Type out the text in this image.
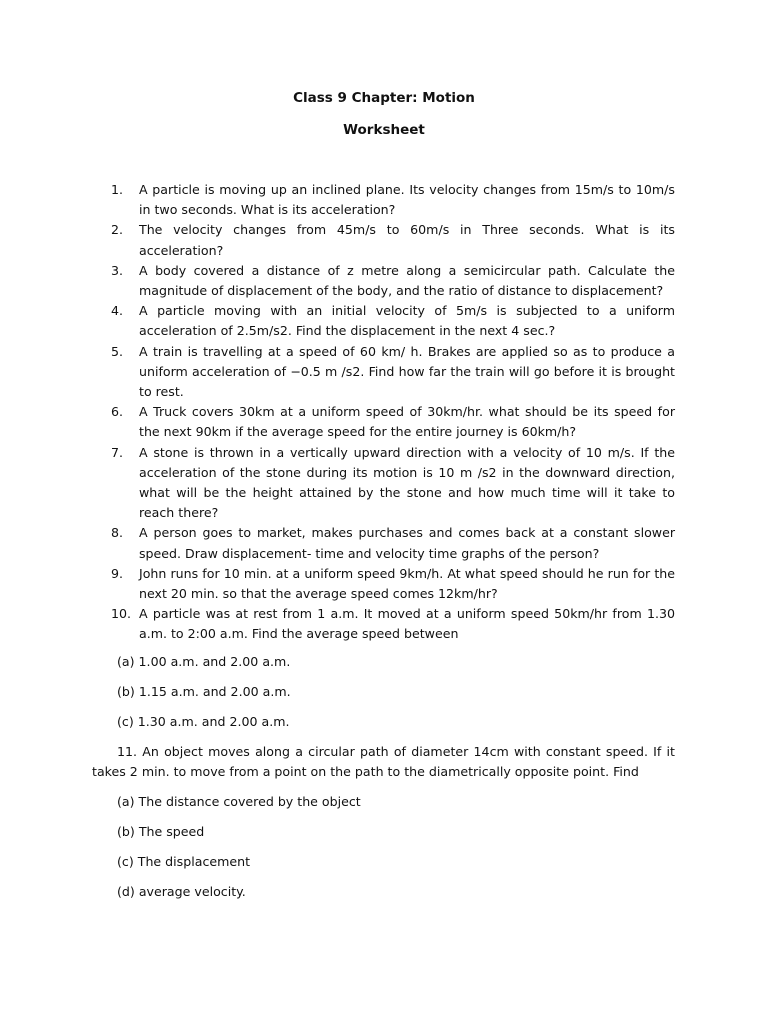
Class 9 Chapter: Motion
Worksheet
1.	A particle is moving up an inclined plane. Its velocity changes from 15m/s to 10m/s in two seconds. What is its acceleration?
2.	The velocity changes from 45m/s to 60m/s in Three seconds. What is its acceleration?
3.	A body covered a distance of z metre along a semicircular path. Calculate the magnitude of displacement of the body, and the ratio of distance to displacement?
4.	A particle moving with an initial velocity of 5m/s is subjected to a uniform acceleration of 2.5m/s2. Find the displacement in the next 4 sec.?
5.	A train is travelling at a speed of 60 km/ h. Brakes are applied so as to produce a uniform acceleration of −0.5 m /s2. Find how far the train will go before it is brought to rest.
6.	A Truck covers 30km at a uniform speed of 30km/hr. what should be its speed for the next 90km if the average speed for the entire journey is 60km/h?
7.	A stone is thrown in a vertically upward direction with a velocity of 10 m/s. If the acceleration of the stone during its motion is 10 m /s2 in the downward direction, what will be the height attained by the stone and how much time will it take to reach there?
8.	A person goes to market, makes purchases and comes back at a constant slower speed. Draw displacement- time and velocity time graphs of the person?
9.	John runs for 10 min. at a uniform speed 9km/h. At what speed should he run for the next 20 min. so that the average speed comes 12km/hr?
10. A particle was at rest from 1 a.m. It moved at a uniform speed 50km/hr from 1.30 a.m. to 2:00 a.m. Find the average speed between
(a) 1.00 a.m. and 2.00 a.m.
(b) 1.15 a.m. and 2.00 a.m.
(c) 1.30 a.m. and 2.00 a.m.

11. An object moves along a circular path of diameter 14cm with constant speed. If it takes 2 min. to move from a point on the path to the diametrically opposite point. Find

(a) The distance covered by the object
(b) The speed
(c) The displacement
(d) average velocity.
